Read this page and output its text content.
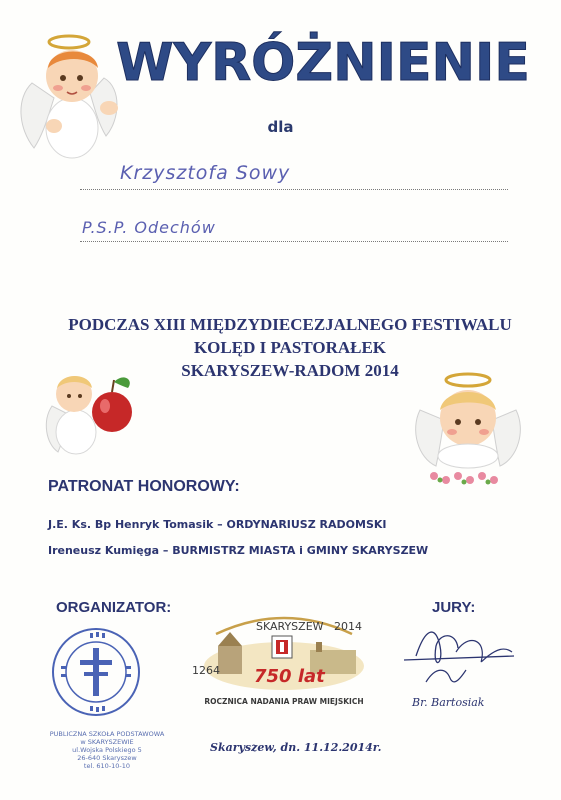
WYRÓŻNIENIE
dla
Krzysztofa Sowy
P.S.P. Odechów
PODCZAS XIII MIĘDZYDIECEZJALNEGO FESTIWALU
KOLĘD I PASTORAŁEK
SKARYSZEW-RADOM 2014
PATRONAT HONOROWY:
J.E. Ks. Bp Henryk Tomasik – ORDYNARIUSZ RADOMSKI
Ireneusz Kumięga – BURMISTRZ MIASTA i GMINY SKARYSZEW
ORGANIZATOR:
PUBLICZNA SZKOŁA PODSTAWOWA
w SKARYSZEWIE
ul.Wojska Polskiego 5
26-640 Skaryszew
tel. 610-10-10
SKARYSZEW 2014
1264 750 lat
ROCZNICA NADANIA PRAW MIEJSKICH
JURY:
Br. Bartosiak
Skaryszew, dn. 11.12.2014r.
